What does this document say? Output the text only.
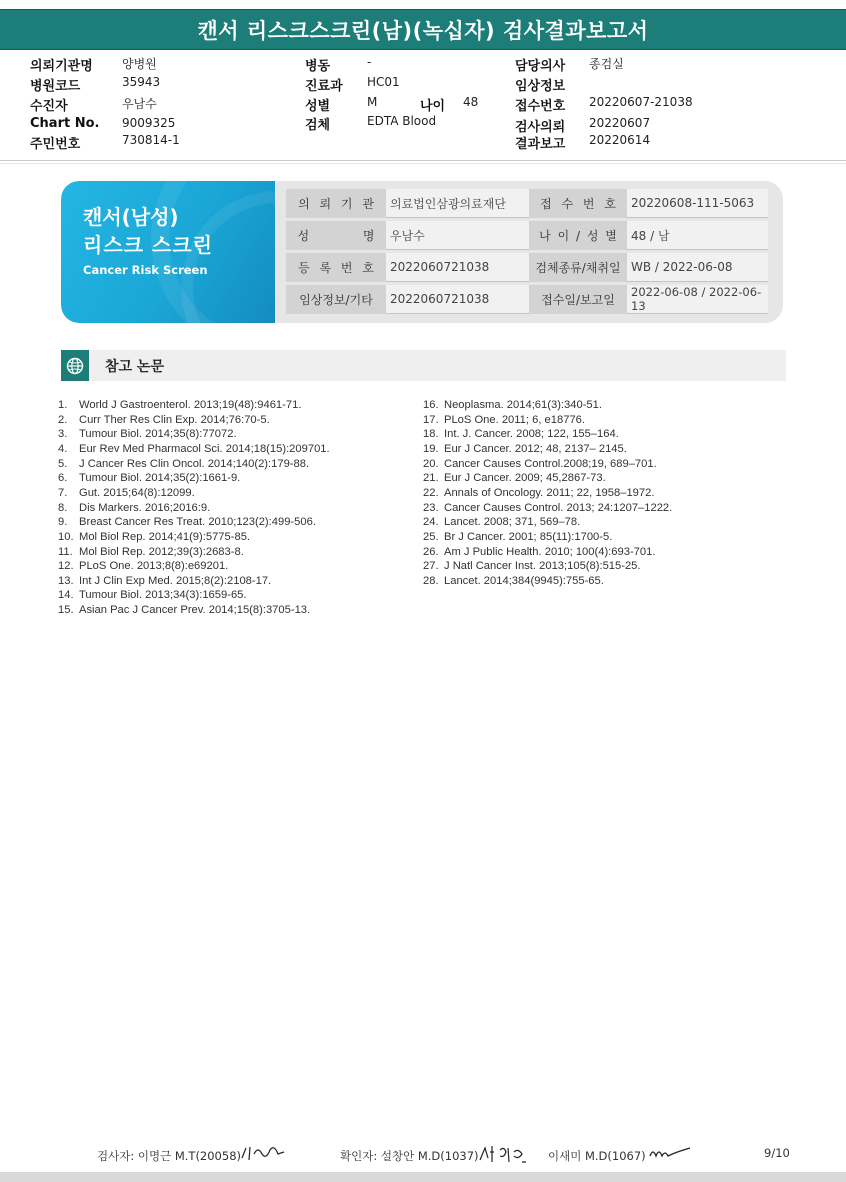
캔서 리스크스크린(남)(녹십자) 검사결과보고서
의뢰기관명 양병원
병원코드	35943
수진자	우남수
Chart No. 9009325
주민번호	730814-1
병동	-
진료과 HC01
성별	M	나이 48
검체	EDTA Blood
담당의사 종검실
임상정보
접수번호 20220607-21038
검사의뢰 20220607
결과보고 20220614
캔서(남성)
리스크 스크린
Cancer Risk Screen
의 뢰 기 관	의료법인삼광의료재단	접 수 번 호	20220608-111-5063
성 명	우남수	나 이 / 성 별	48 / 남
등 록 번 호	2022060721038	검체종류/채취일 WB / 2022-06-08
임상정보/기타	2022060721038	접수일/보고일
2022-06-08 / 2022-06-13
참고 논문
1. World J Gastroenterol. 2013;19(48):9461-71.
2. Curr Ther Res Clin Exp. 2014;76:70-5.
3. Tumour Biol. 2014;35(8):77072.
4. Eur Rev Med Pharmacol Sci. 2014;18(15):209701.
5. J Cancer Res Clin Oncol. 2014;140(2):179-88.
6. Tumour Biol. 2014;35(2):1661-9.
7. Gut. 2015;64(8):12099.
8. Dis Markers. 2016;2016:9.
9. Breast Cancer Res Treat. 2010;123(2):499-506.
10. Mol Biol Rep. 2014;41(9):5775-85.
11. Mol Biol Rep. 2012;39(3):2683-8.
12. PLoS One. 2013;8(8):e69201.
13. Int J Clin Exp Med. 2015;8(2):2108-17.
14. Tumour Biol. 2013;34(3):1659-65.
15. Asian Pac J Cancer Prev. 2014;15(8):3705-13.
16. Neoplasma. 2014;61(3):340-51.
17. PLoS One. 2011; 6, e18776.
18. Int. J. Cancer. 2008; 122, 155–164.
19. Eur J Cancer. 2012; 48, 2137– 2145.
20. Cancer Causes Control.2008;19, 689–701.
21. Eur J Cancer. 2009; 45,2867-73.
22. Annals of Oncology. 2011; 22, 1958–1972.
23. Cancer Causes Control. 2013; 24:1207–1222.
24. Lancet. 2008; 371, 569–78.
25. Br J Cancer. 2001; 85(11):1700-5.
26. Am J Public Health. 2010; 100(4):693-701.
27. J Natl Cancer Inst. 2013;105(8):515-25.
28. Lancet. 2014;384(9945):755-65.
검사자: 이명근 M.T(20058)	확인자: 설창안 M.D(1037)	이새미 M.D(1067)	9/10
